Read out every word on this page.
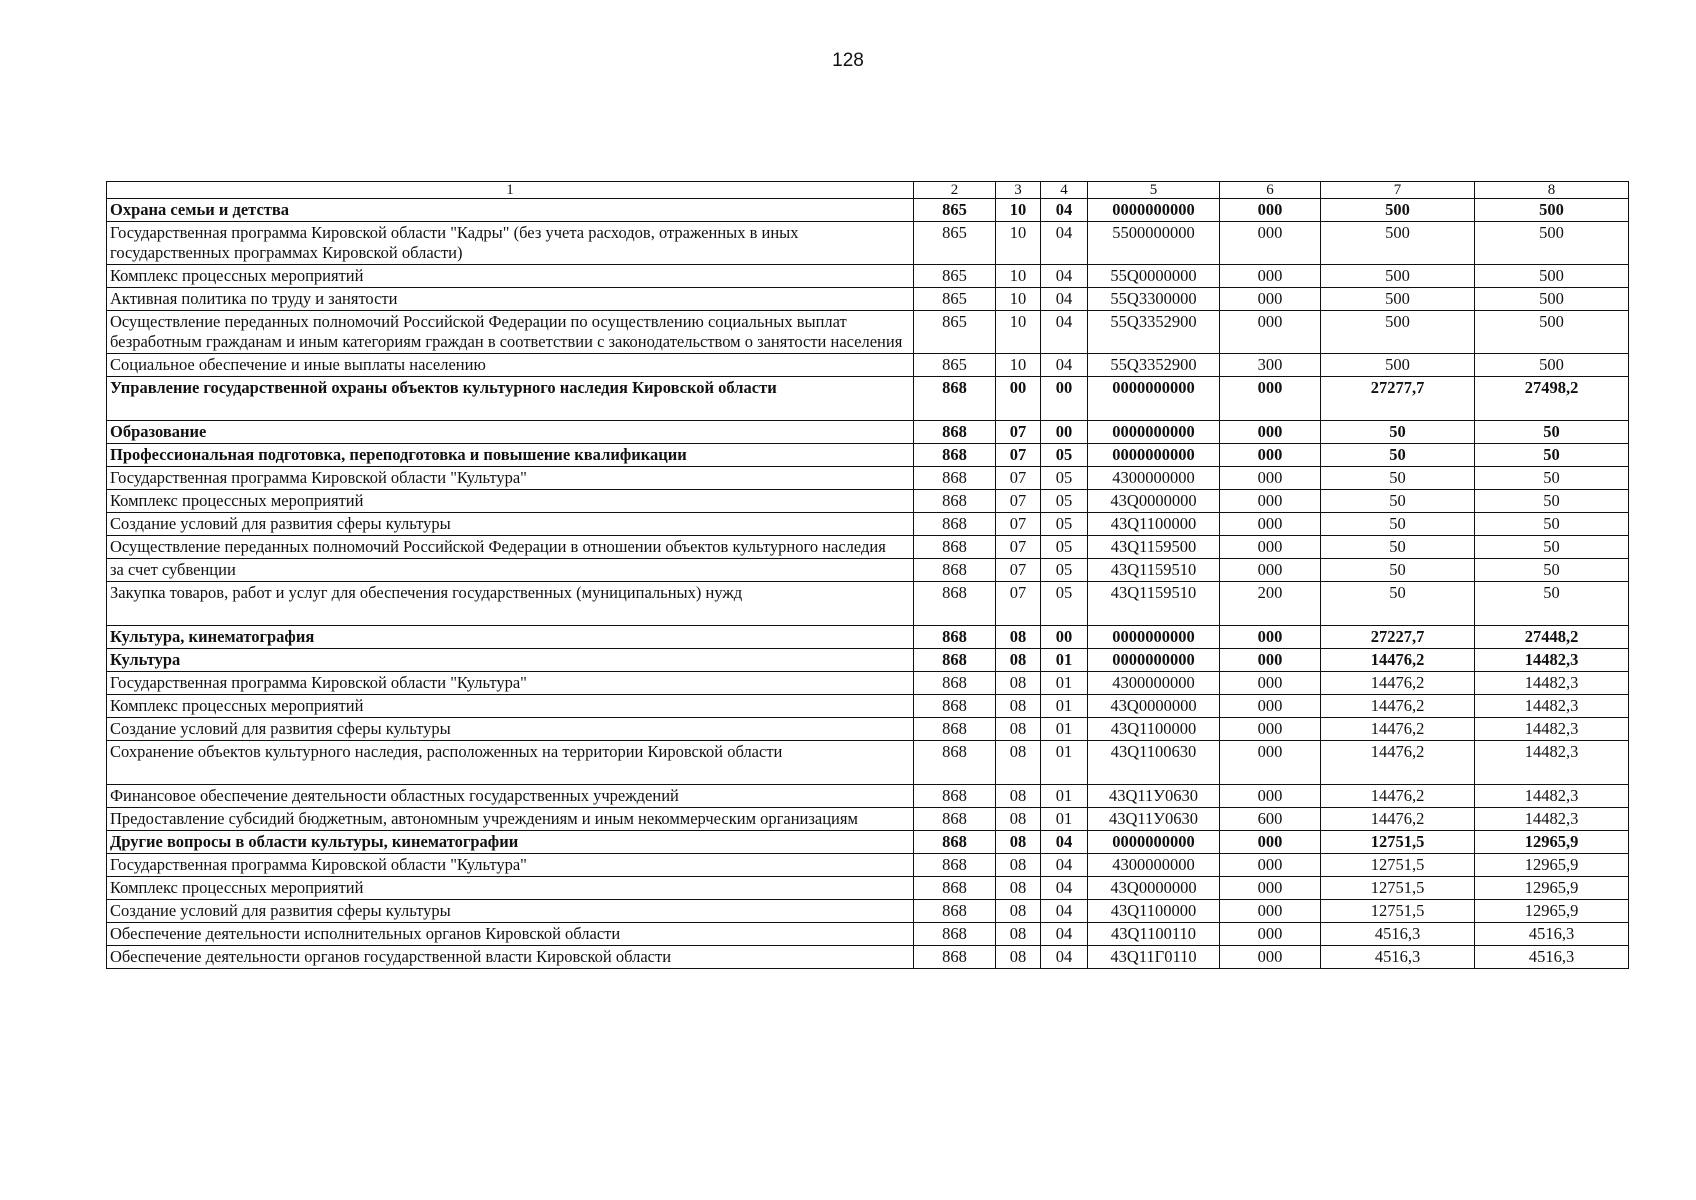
128
1	2	3	4	5	6	7	8
Охрана семьи и детства	865	10	04	0000000000	000	500	500
Государственная программа Кировской области "Кадры" (без учета расходов, отраженных в иных государственных программах Кировской области)	865	10	04	5500000000	000	500	500
Комплекс процессных мероприятий	865	10	04	55Q0000000	000	500	500
Активная политика по труду и занятости	865	10	04	55Q3300000	000	500	500
Осуществление переданных полномочий Российской Федерации по осуществлению социальных выплат безработным гражданам и иным категориям граждан в соответствии с законодательством о занятости населения	865	10	04	55Q3352900	000	500	500
Социальное обеспечение и иные выплаты населению	865	10	04	55Q3352900	300	500	500
Управление государственной охраны объектов культурного наследия Кировской области	868	00	00	0000000000	000	27277,7	27498,2
Образование	868	07	00	0000000000	000	50	50
Профессиональная подготовка, переподготовка и повышение квалификации	868	07	05	0000000000	000	50	50
Государственная программа Кировской области "Культура"	868	07	05	4300000000	000	50	50
Комплекс процессных мероприятий	868	07	05	43Q0000000	000	50	50
Создание условий для развития сферы культуры	868	07	05	43Q1100000	000	50	50
Осуществление переданных полномочий Российской Федерации в отношении объектов культурного наследия	868	07	05	43Q1159500	000	50	50
за счет субвенции	868	07	05	43Q1159510	000	50	50
Закупка товаров, работ и услуг для обеспечения государственных (муниципальных) нужд	868	07	05	43Q1159510	200	50	50
Культура, кинематография	868	08	00	0000000000	000	27227,7	27448,2
Культура	868	08	01	0000000000	000	14476,2	14482,3
Государственная программа Кировской области "Культура"	868	08	01	4300000000	000	14476,2	14482,3
Комплекс процессных мероприятий	868	08	01	43Q0000000	000	14476,2	14482,3
Создание условий для развития сферы культуры	868	08	01	43Q1100000	000	14476,2	14482,3
Сохранение объектов культурного наследия, расположенных на территории Кировской области	868	08	01	43Q1100630	000	14476,2	14482,3
Финансовое обеспечение деятельности областных государственных учреждений	868	08	01	43Q11У0630	000	14476,2	14482,3
Предоставление субсидий бюджетным, автономным учреждениям и иным некоммерческим организациям	868	08	01	43Q11У0630	600	14476,2	14482,3
Другие вопросы в области культуры, кинематографии	868	08	04	0000000000	000	12751,5	12965,9
Государственная программа Кировской области "Культура"	868	08	04	4300000000	000	12751,5	12965,9
Комплекс процессных мероприятий	868	08	04	43Q0000000	000	12751,5	12965,9
Создание условий для развития сферы культуры	868	08	04	43Q1100000	000	12751,5	12965,9
Обеспечение деятельности исполнительных органов Кировской области	868	08	04	43Q1100110	000	4516,3	4516,3
Обеспечение деятельности органов государственной власти Кировской области	868	08	04	43Q11Г0110	000	4516,3	4516,3
